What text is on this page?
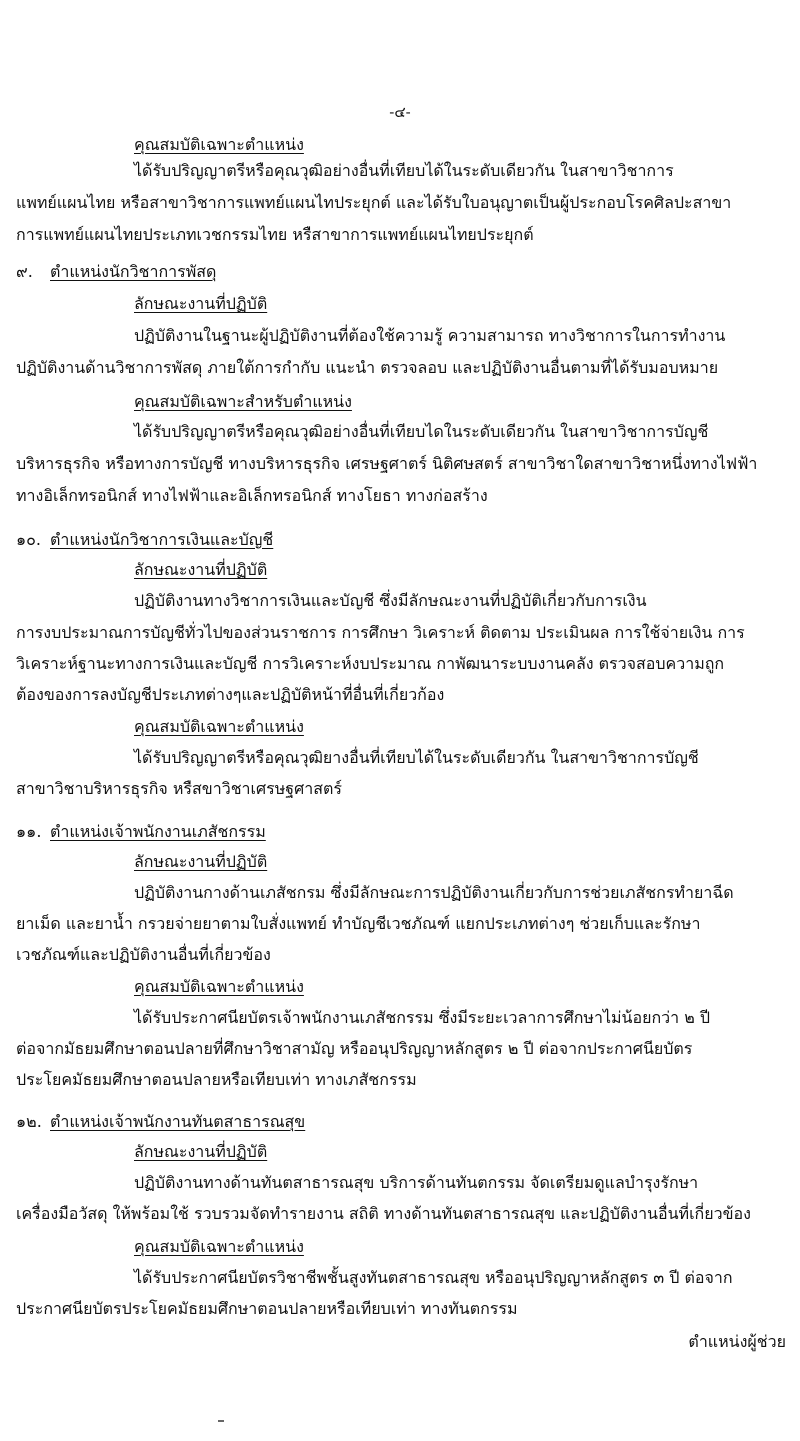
-๔-
คุณสมบัติเฉพาะตำแหน่ง
ได้รับปริญญาตรีหรือคุณวุฒิอย่างอื่นที่เทียบได้ในระดับเดียวกัน ในสาขาวิชาการ
แพทย์แผนไทย หรือสาขาวิชาการแพทย์แผนไทประยุกต์ และได้รับใบอนุญาตเป็นผู้ประกอบโรคศิลปะสาขา
การแพทย์แผนไทยประเภทเวชกรรมไทย หรืสาขาการแพทย์แผนไทยประยุกต์
๙. ตำแหน่งนักวิชาการพัสดุ
ลักษณะงานที่ปฏิบัติ
ปฏิบัติงานในฐานะผู้ปฏิบัติงานที่ต้องใช้ความรู้ ความสามารถ ทางวิชาการในการทำงาน
ปฏิบัติงานด้านวิชาการพัสดุ ภายใต้การกำกับ แนะนำ ตรวจลอบ และปฏิบัติงานอื่นตามที่ได้รับมอบหมาย
คุณสมบัติเฉพาะสำหรับตำแหน่ง
ได้รับปริญญาตรีหรือคุณวุฒิอย่างอื่นที่เทียบไดในระดับเดียวกัน ในสาขาวิชาการบัญชี
บริหารธุรกิจ หรือทางการบัญชี ทางบริหารธุรกิจ เศรษฐศาตร์ นิติศษสตร์ สาขาวิชาใดสาขาวิชาหนึ่งทางไฟฟ้า
ทางอิเล็กทรอนิกส์ ทางไฟฟ้าและอิเล็กทรอนิกส์ ทางโยธา ทางก่อสร้าง
๑๐. ตำแหน่งนักวิชาการเงินและบัญชี
ลักษณะงานที่ปฏิบัติ
ปฏิบัติงานทางวิชาการเงินและบัญชี ซึ่งมีลักษณะงานที่ปฏิบัติเกี่ยวกับการเงิน
การงบประมาณการบัญชีทั่วไปของส่วนราชการ การศึกษา วิเคราะห์ ติดตาม ประเมินผล การใช้จ่ายเงิน การ
วิเคราะห์ฐานะทางการเงินและบัญชี การวิเคราะห์งบประมาณ กาพัฒนาระบบงานคลัง ตรวจสอบความถูก
ต้องของการลงบัญชีประเภทต่างๆและปฏิบัติหน้าที่อื่นที่เกี่ยวก้อง
คุณสมบัติเฉพาะตำแหน่ง
ได้รับปริญญาตรีหรือคุณวุฒิยางอื่นที่เทียบได้ในระดับเดียวกัน ในสาขาวิชาการบัญชี
สาขาวิชาบริหารธุรกิจ หรืสขาวิชาเศรษฐศาสตร์
๑๑. ตำแหน่งเจ้าพนักงานเภสัชกรรม
ลักษณะงานที่ปฏิบัติ
ปฏิบัติงานกางด้านเภสัชกรม ซึ่งมีลักษณะการปฏิบัติงานเกี่ยวกับการช่วยเภสัชกรทำยาฉีด
ยาเม็ด และยาน้ำ กรวยจ่ายยาตามใบสั่งแพทย์ ทำบัญชีเวชภัณฑ์ แยกประเภทต่างๆ ช่วยเก็บและรักษา
เวชภัณฑ์และปฏิบัติงานอื่นที่เกี่ยวข้อง
คุณสมบัติเฉพาะตำแหน่ง
ได้รับประกาศนียบัตรเจ้าพนักงานเภสัชกรรม ซึ่งมีระยะเวลาการศึกษาไม่น้อยกว่า ๒ ปี
ต่อจากมัธยมศึกษาตอนปลายที่ศึกษาวิชาสามัญ หรืออนุปริญญาหลักสูตร ๒ ปี ต่อจากประกาศนียบัตร
ประโยคมัธยมศึกษาตอนปลายหรือเทียบเท่า ทางเภสัชกรรม
๑๒. ตำแหน่งเจ้าพนักงานทันตสาธารณสุข
ลักษณะงานที่ปฏิบัติ
ปฏิบัติงานทางด้านทันตสาธารณสุข บริการด้านทันตกรรม จัดเตรียมดูแลบำรุงรักษา
เครื่องมือวัสดุ ให้พร้อมใช้ รวบรวมจัดทำรายงาน สถิติ ทางด้านทันตสาธารณสุข และปฏิบัติงานอื่นที่เกี่ยวข้อง
คุณสมบัติเฉพาะตำแหน่ง
ได้รับประกาศนียบัตรวิชาชีพชั้นสูงทันตสาธารณสุข หรืออนุปริญญาหลักสูตร ๓ ปี ต่อจาก
ประกาศนียบัตรประโยคมัธยมศึกษาตอนปลายหรือเทียบเท่า ทางทันตกรรม
ตำแหน่งผู้ช่วย
